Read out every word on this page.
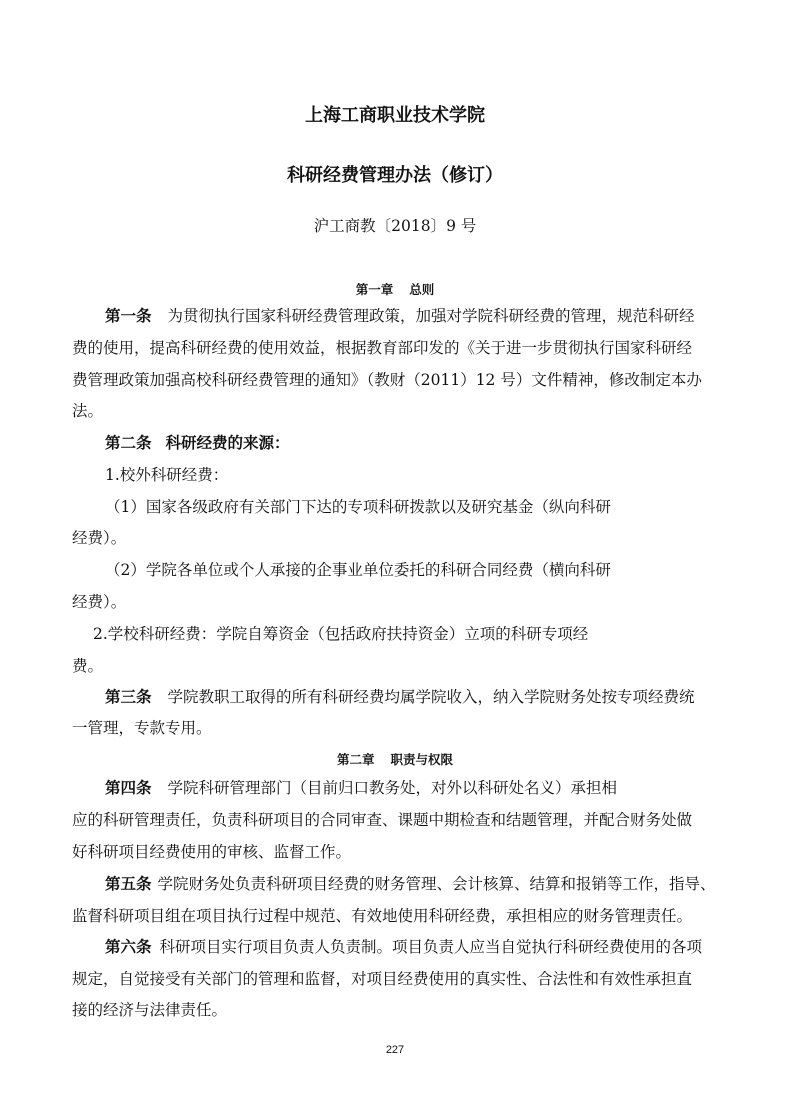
上海工商职业技术学院
科研经费管理办法（修订）
沪工商教〔2018〕9 号
第一章 总则
第一条 为贯彻执行国家科研经费管理政策，加强对学院科研经费的管理，规范科研经
费的使用，提高科研经费的使用效益，根据教育部印发的《关于进一步贯彻执行国家科研经
费管理政策加强高校科研经费管理的通知》（教财（2011）12 号）文件精神，修改制定本办
法。
第二条 科研经费的来源：
1.校外科研经费：
（1）国家各级政府有关部门下达的专项科研拨款以及研究基金（纵向科研
经费）。
（2）学院各单位或个人承接的企事业单位委托的科研合同经费（横向科研
经费）。
2.学校科研经费：学院自筹资金（包括政府扶持资金）立项的科研专项经
费。
第三条 学院教职工取得的所有科研经费均属学院收入，纳入学院财务处按专项经费统
一管理，专款专用。
第二章 职责与权限
第四条 学院科研管理部门（目前归口教务处，对外以科研处名义）承担相
应的科研管理责任，负责科研项目的合同审查、课题中期检查和结题管理，并配合财务处做
好科研项目经费使用的审核、监督工作。
第五条 学院财务处负责科研项目经费的财务管理、会计核算、结算和报销等工作，指导、
监督科研项目组在项目执行过程中规范、有效地使用科研经费，承担相应的财务管理责任。
第六条 科研项目实行项目负责人负责制。项目负责人应当自觉执行科研经费使用的各项
规定，自觉接受有关部门的管理和监督，对项目经费使用的真实性、合法性和有效性承担直
接的经济与法律责任。
227
